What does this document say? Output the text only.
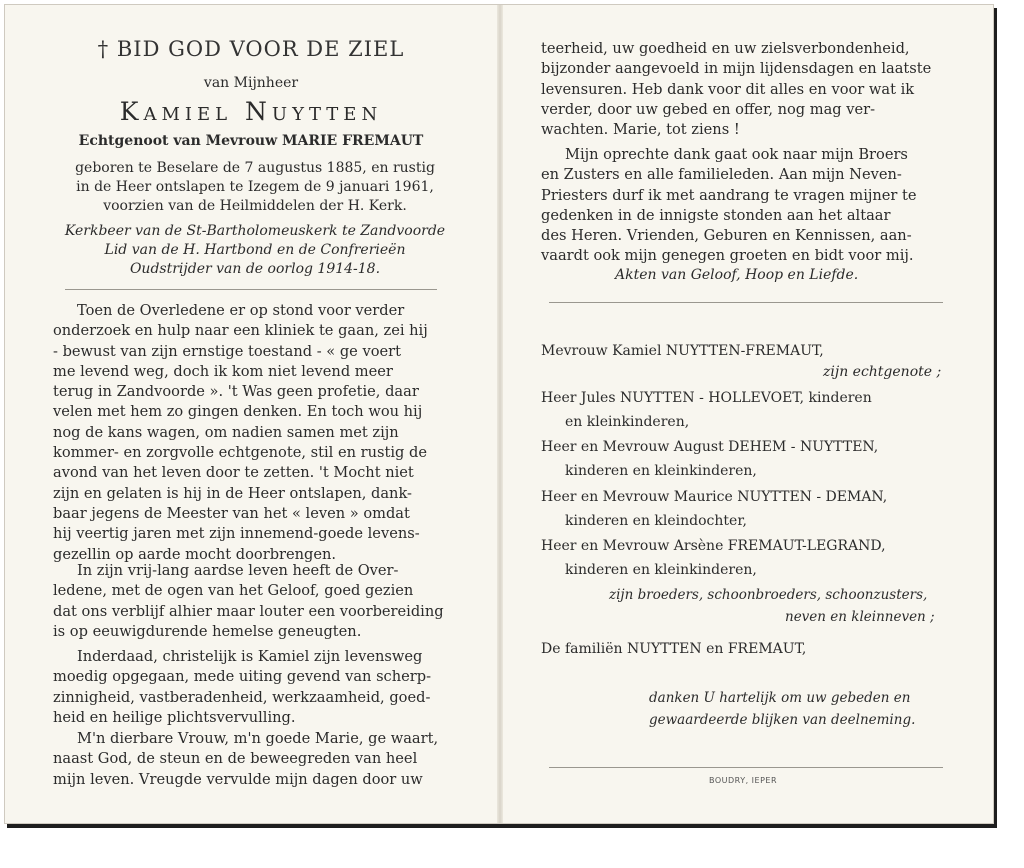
† BID GOD VOOR DE ZIEL
van Mijnheer
Kamiel Nuytten
Echtgenoot van Mevrouw MARIE FREMAUT
geboren te Beselare de 7 augustus 1885, en rustig
in de Heer ontslapen te Izegem de 9 januari 1961,
voorzien van de Heilmiddelen der H. Kerk.
Kerkbeer van de St-Bartholomeuskerk te Zandvoorde
Lid van de H. Hartbond en de Confrerieën
Oudstrijder van de oorlog 1914-18.
Toen de Overledene er op stond voor verder
onderzoek en hulp naar een kliniek te gaan, zei hij
- bewust van zijn ernstige toestand - « ge voert
me levend weg, doch ik kom niet levend meer
terug in Zandvoorde ». 't Was geen profetie, daar
velen met hem zo gingen denken. En toch wou hij
nog de kans wagen, om nadien samen met zijn
kommer- en zorgvolle echtgenote, stil en rustig de
avond van het leven door te zetten. 't Mocht niet
zijn en gelaten is hij in de Heer ontslapen, dank-
baar jegens de Meester van het « leven » omdat
hij veertig jaren met zijn innemend-goede levens-
gezellin op aarde mocht doorbrengen.
In zijn vrij-lang aardse leven heeft de Over-
ledene, met de ogen van het Geloof, goed gezien
dat ons verblijf alhier maar louter een voorbereiding
is op eeuwigdurende hemelse geneugten.
Inderdaad, christelijk is Kamiel zijn levensweg
moedig opgegaan, mede uiting gevend van scherp-
zinnigheid, vastberadenheid, werkzaamheid, goed-
heid en heilige plichtsvervulling.
M'n dierbare Vrouw, m'n goede Marie, ge waart,
naast God, de steun en de beweegreden van heel
mijn leven. Vreugde vervulde mijn dagen door uw
teerheid, uw goedheid en uw zielsverbondenheid,
bijzonder aangevoeld in mijn lijdensdagen en laatste
levensuren. Heb dank voor dit alles en voor wat ik
verder, door uw gebed en offer, nog mag ver-
wachten. Marie, tot ziens !
Mijn oprechte dank gaat ook naar mijn Broers
en Zusters en alle familieleden. Aan mijn Neven-
Priesters durf ik met aandrang te vragen mijner te
gedenken in de innigste stonden aan het altaar
des Heren. Vrienden, Geburen en Kennissen, aan-
vaardt ook mijn genegen groeten en bidt voor mij.
Akten van Geloof, Hoop en Liefde.
Mevrouw Kamiel NUYTTEN-FREMAUT,
zijn echtgenote ;
Heer Jules NUYTTEN - HOLLEVOET, kinderen
en kleinkinderen,
Heer en Mevrouw August DEHEM - NUYTTEN,
kinderen en kleinkinderen,
Heer en Mevrouw Maurice NUYTTEN - DEMAN,
kinderen en kleindochter,
Heer en Mevrouw Arsène FREMAUT-LEGRAND,
kinderen en kleinkinderen,
zijn broeders, schoonbroeders, schoonzusters,
neven en kleinneven ;
De familiën NUYTTEN en FREMAUT,
danken U hartelijk om uw gebeden en
gewaardeerde blijken van deelneming.
BOUDRY, IEPER
